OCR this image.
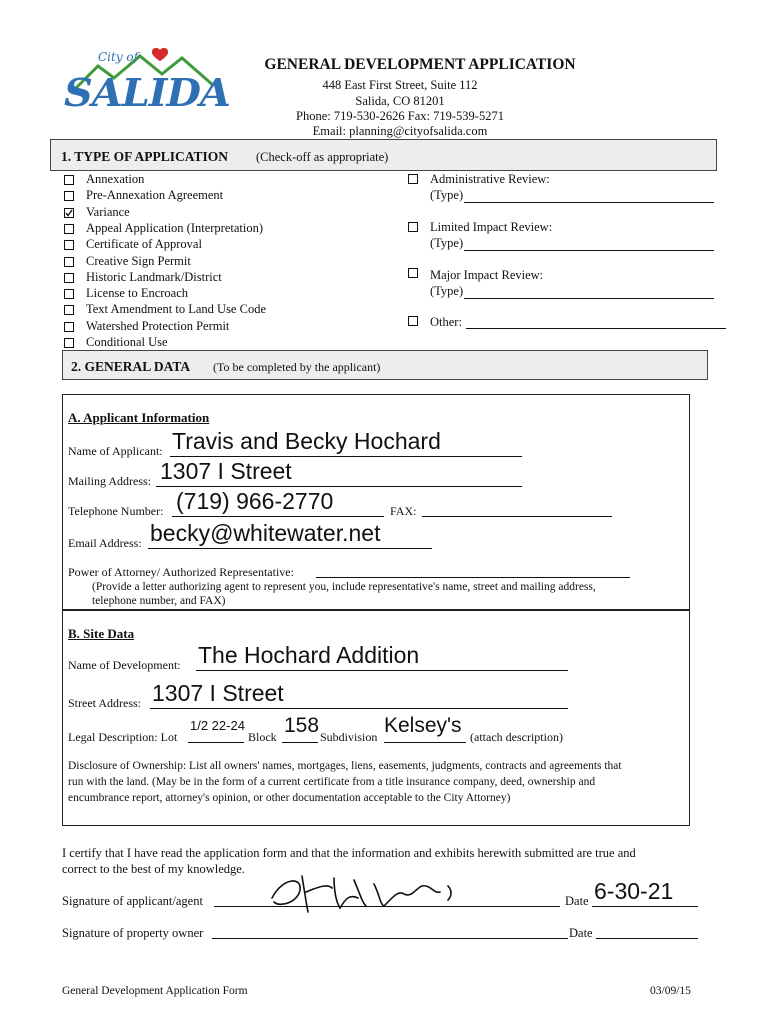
City of
SALIDA
GENERAL DEVELOPMENT APPLICATION
448 East First Street, Suite 112
Salida, CO 81201
Phone: 719-530-2626 Fax: 719-539-5271
Email: planning@cityofsalida.com
1. TYPE OF APPLICATION (Check-off as appropriate)
Annexation
Pre-Annexation Agreement
Variance
Appeal Application (Interpretation)
Certificate of Approval
Creative Sign Permit
Historic Landmark/District
License to Encroach
Text Amendment to Land Use Code
Watershed Protection Permit
Conditional Use
Administrative Review:
(Type)
Limited Impact Review:
(Type)
Major Impact Review:
(Type)
Other:
2. GENERAL DATA (To be completed by the applicant)
A. Applicant Information
Name of Applicant: Travis and Becky Hochard
Mailing Address: 1307 I Street
Telephone Number: (719) 966-2770	FAX:
Email Address: becky@whitewater.net
Power of Attorney/ Authorized Representative:
(Provide a letter authorizing agent to represent you, include representative's name, street and mailing address,
telephone number, and FAX)
B. Site Data
Name of Development: The Hochard Addition
Street Address: 1307 I Street
Legal Description: Lot
1/2 22-24
Block 158 Subdivision Kelsey's (attach description)
Disclosure of Ownership: List all owners' names, mortgages, liens, easements, judgments, contracts and agreements that
run with the land. (May be in the form of a current certificate from a title insurance company, deed, ownership and
encumbrance report, attorney's opinion, or other documentation acceptable to the City Attorney)
I certify that I have read the application form and that the information and exhibits herewith submitted are true and
correct to the best of my knowledge.
Signature of applicant/agent	Date 6-30-21
Signature of property owner	Date
General Development Application Form	03/09/15
